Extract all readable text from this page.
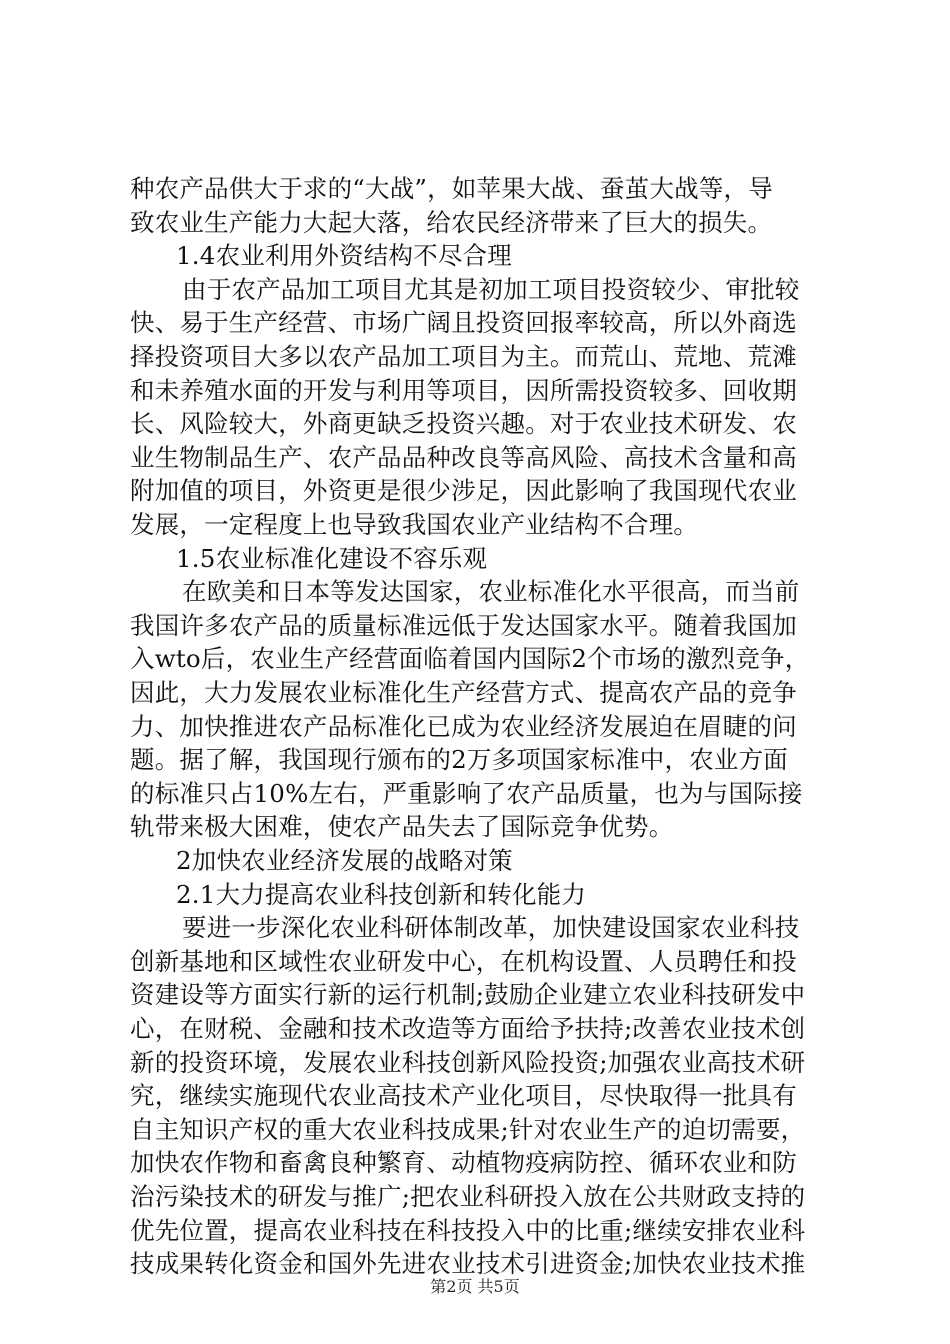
种农产品供大于求的“大战”，如苹果大战、蚕茧大战等，导
致农业生产能力大起大落，给农民经济带来了巨大的损失。
1.4农业利用外资结构不尽合理
由于农产品加工项目尤其是初加工项目投资较少、审批较
快、易于生产经营、市场广阔且投资回报率较高，所以外商选
择投资项目大多以农产品加工项目为主。而荒山、荒地、荒滩
和未养殖水面的开发与利用等项目，因所需投资较多、回收期
长、风险较大，外商更缺乏投资兴趣。对于农业技术研发、农
业生物制品生产、农产品品种改良等高风险、高技术含量和高
附加值的项目，外资更是很少涉足，因此影响了我国现代农业
发展，一定程度上也导致我国农业产业结构不合理。
1.5农业标准化建设不容乐观
在欧美和日本等发达国家，农业标准化水平很高，而当前
我国许多农产品的质量标准远低于发达国家水平。随着我国加
入wto后，农业生产经营面临着国内国际2个市场的激烈竞争，
因此，大力发展农业标准化生产经营方式、提高农产品的竞争
力、加快推进农产品标准化已成为农业经济发展迫在眉睫的问
题。据了解，我国现行颁布的2万多项国家标准中，农业方面
的标准只占10%左右，严重影响了农产品质量，也为与国际接
轨带来极大困难，使农产品失去了国际竞争优势。
2加快农业经济发展的战略对策
2.1大力提高农业科技创新和转化能力
要进一步深化农业科研体制改革，加快建设国家农业科技
创新基地和区域性农业研发中心，在机构设置、人员聘任和投
资建设等方面实行新的运行机制;鼓励企业建立农业科技研发中
心，在财税、金融和技术改造等方面给予扶持;改善农业技术创
新的投资环境，发展农业科技创新风险投资;加强农业高技术研
究，继续实施现代农业高技术产业化项目，尽快取得一批具有
自主知识产权的重大农业科技成果;针对农业生产的迫切需要，
加快农作物和畜禽良种繁育、动植物疫病防控、循环农业和防
治污染技术的研发与推广;把农业科研投入放在公共财政支持的
优先位置，提高农业科技在科技投入中的比重;继续安排农业科
技成果转化资金和国外先进农业技术引进资金;加快农业技术推
第2页 共5页
